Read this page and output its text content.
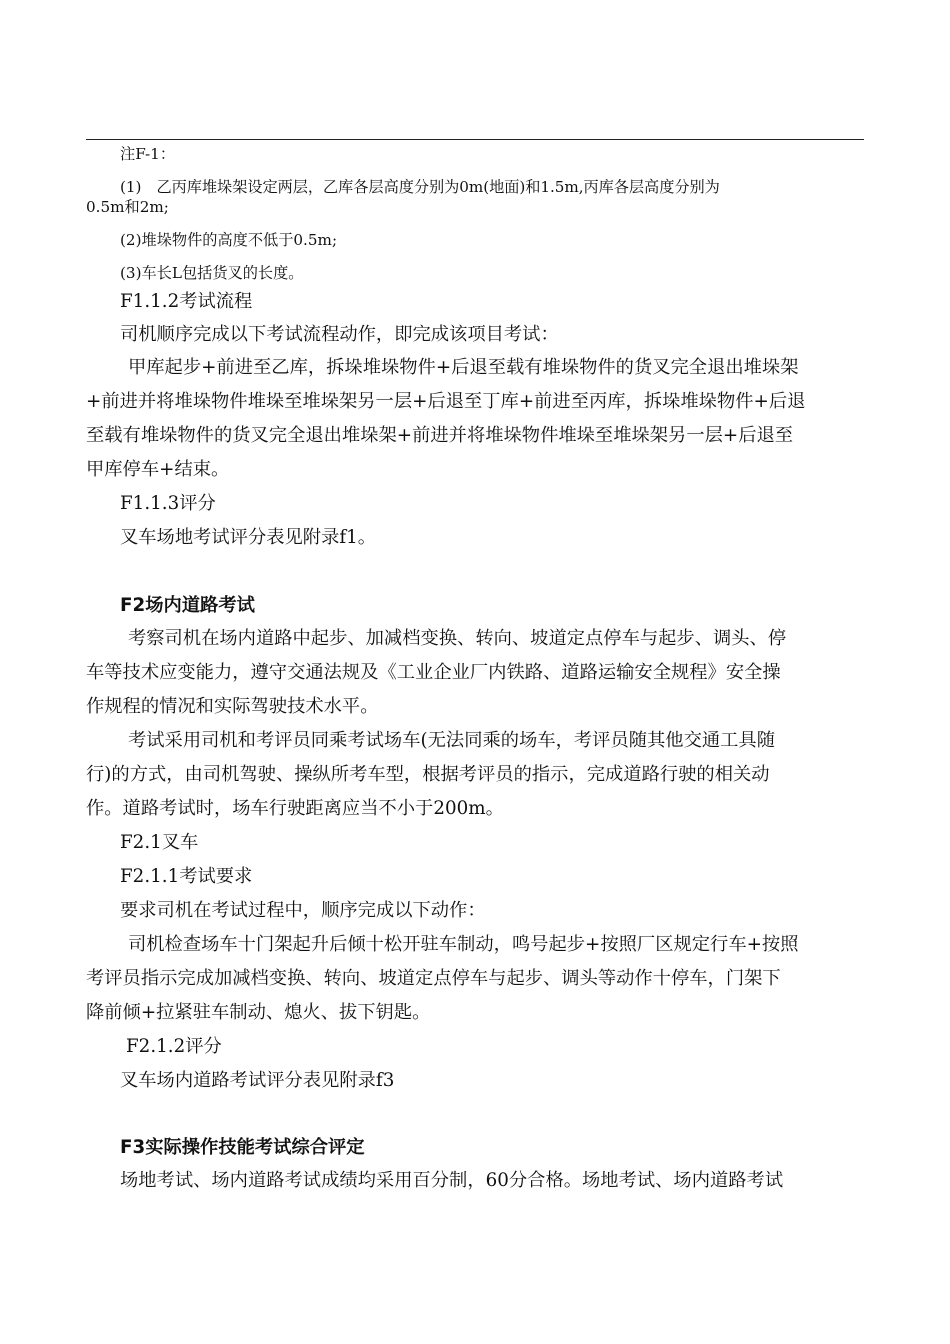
注F-1：
(1)　乙丙库堆垛架设定两层，乙库各层高度分别为0m(地面)和1.5m,丙库各层高度分别为
0.5m和2m;
(2)堆垛物件的高度不低于0.5m;
(3)车长L包括货叉的长度。
F1.1.2考试流程
司机顺序完成以下考试流程动作，即完成该项目考试：
甲库起步+前进至乙库，拆垛堆垛物件+后退至载有堆垛物件的货叉完全退出堆垛架
+前进并将堆垛物件堆垛至堆垛架另一层+后退至丁库+前进至丙库，拆垛堆垛物件+后退
至载有堆垛物件的货叉完全退出堆垛架+前进并将堆垛物件堆垛至堆垛架另一层+后退至
甲库停车+结束。
F1.1.3评分
叉车场地考试评分表见附录f1。
F2场内道路考试
考察司机在场内道路中起步、加减档变换、转向、坡道定点停车与起步、调头、停
车等技术应变能力，遵守交通法规及《工业企业厂内铁路、道路运输安全规程》安全操
作规程的情况和实际驾驶技术水平。
考试采用司机和考评员同乘考试场车(无法同乘的场车，考评员随其他交通工具随
行)的方式，由司机驾驶、操纵所考车型，根据考评员的指示，完成道路行驶的相关动
作。道路考试时，场车行驶距离应当不小于200m。
F2.1叉车
F2.1.1考试要求
要求司机在考试过程中，顺序完成以下动作：
司机检查场车十门架起升后倾十松开驻车制动，鸣号起步+按照厂区规定行车+按照
考评员指示完成加减档变换、转向、坡道定点停车与起步、调头等动作十停车，门架下
降前倾+拉紧驻车制动、熄火、拔下钥匙。
F2.1.2评分
叉车场内道路考试评分表见附录f3
F3实际操作技能考试综合评定
场地考试、场内道路考试成绩均采用百分制，60分合格。场地考试、场内道路考试
